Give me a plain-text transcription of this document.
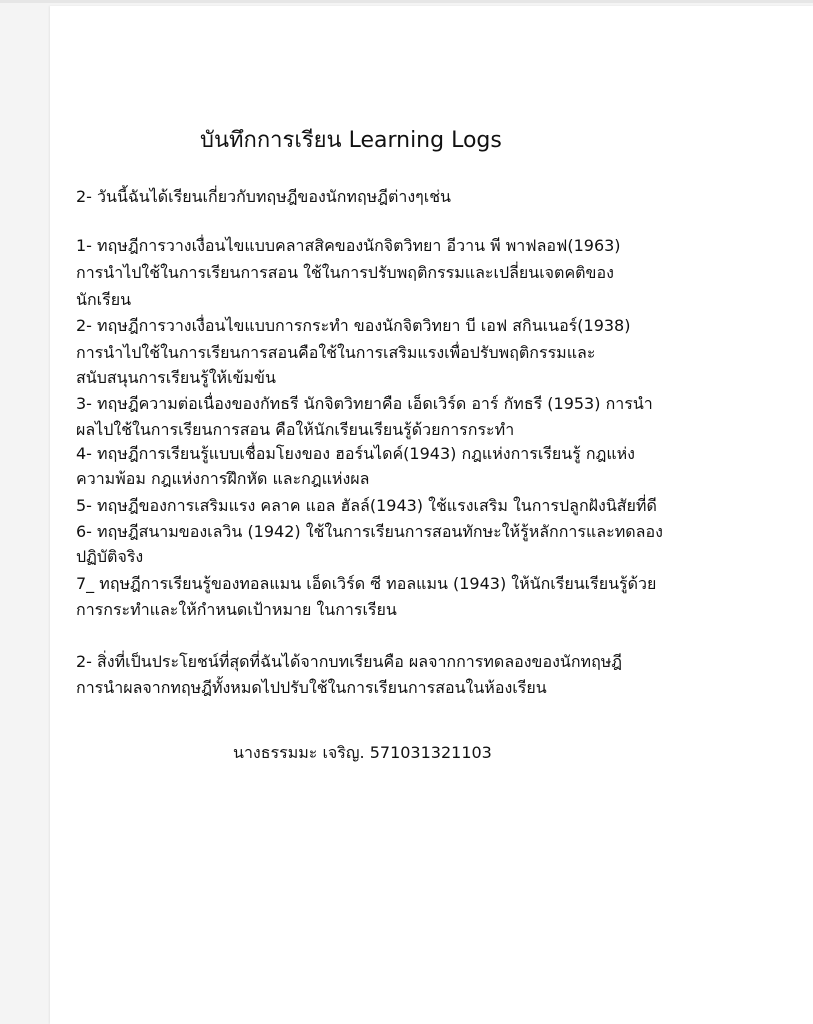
บันทึกการเรียน Learning Logs

2- วันนี้ฉันได้เรียนเกี่ยวกับทฤษฎีของนักทฤษฎีต่างๆเช่น

1- ทฤษฎีการวางเงื่อนไขแบบคลาสสิคของนักจิตวิทยา อีวาน พี พาฟลอฟ(1963)

การนำไปใช้ในการเรียนการสอน ใช้ในการปรับพฤติกรรมและเปลี่ยนเจตคติของ

นักเรียน

2- ทฤษฎีการวางเงื่อนไขแบบการกระทำ ของนักจิตวิทยา บี เอฟ สกินเนอร์(1938)

การนำไปใช้ในการเรียนการสอนคือใช้ในการเสริมแรงเพื่อปรับพฤติกรรมและ

สนับสนุนการเรียนรู้ให้เข้มข้น

3- ทฤษฎีความต่อเนื่องของกัทธรี นักจิตวิทยาคือ เอ็ดเวิร์ด อาร์ กัทธรี (1953) การนำ

ผลไปใช้ในการเรียนการสอน คือให้นักเรียนเรียนรู้ด้วยการกระทำ

4- ทฤษฎีการเรียนรู้แบบเชื่อมโยงของ ฮอร์นไดค์(1943) กฎแห่งการเรียนรู้ กฎแห่ง

ความพ้อม กฎแห่งการฝึกหัด และกฎแห่งผล

5- ทฤษฎีของการเสริมแรง คลาค แอล ฮัลล์(1943) ใช้แรงเสริม ในการปลูกฝังนิสัยที่ดี

6- ทฤษฎีสนามของเลวิน (1942) ใช้ในการเรียนการสอนทักษะให้รู้หลักการและทดลอง

ปฏิบัติจริง

7_ ทฤษฎีการเรียนรู้ของทอลแมน เอ็ดเวิร์ด ซี ทอลแมน (1943) ให้นักเรียนเรียนรู้ด้วย

การกระทำและให้กำหนดเป้าหมาย ในการเรียน

2- สิ่งที่เป็นประโยชน์ที่สุดที่ฉันได้จากบทเรียนคือ ผลจากการทดลองของนักทฤษฎี

การนำผลจากทฤษฎีทั้งหมดไปปรับใช้ในการเรียนการสอนในห้องเรียน

นางธรรมมะ เจริญ. 571031321103
